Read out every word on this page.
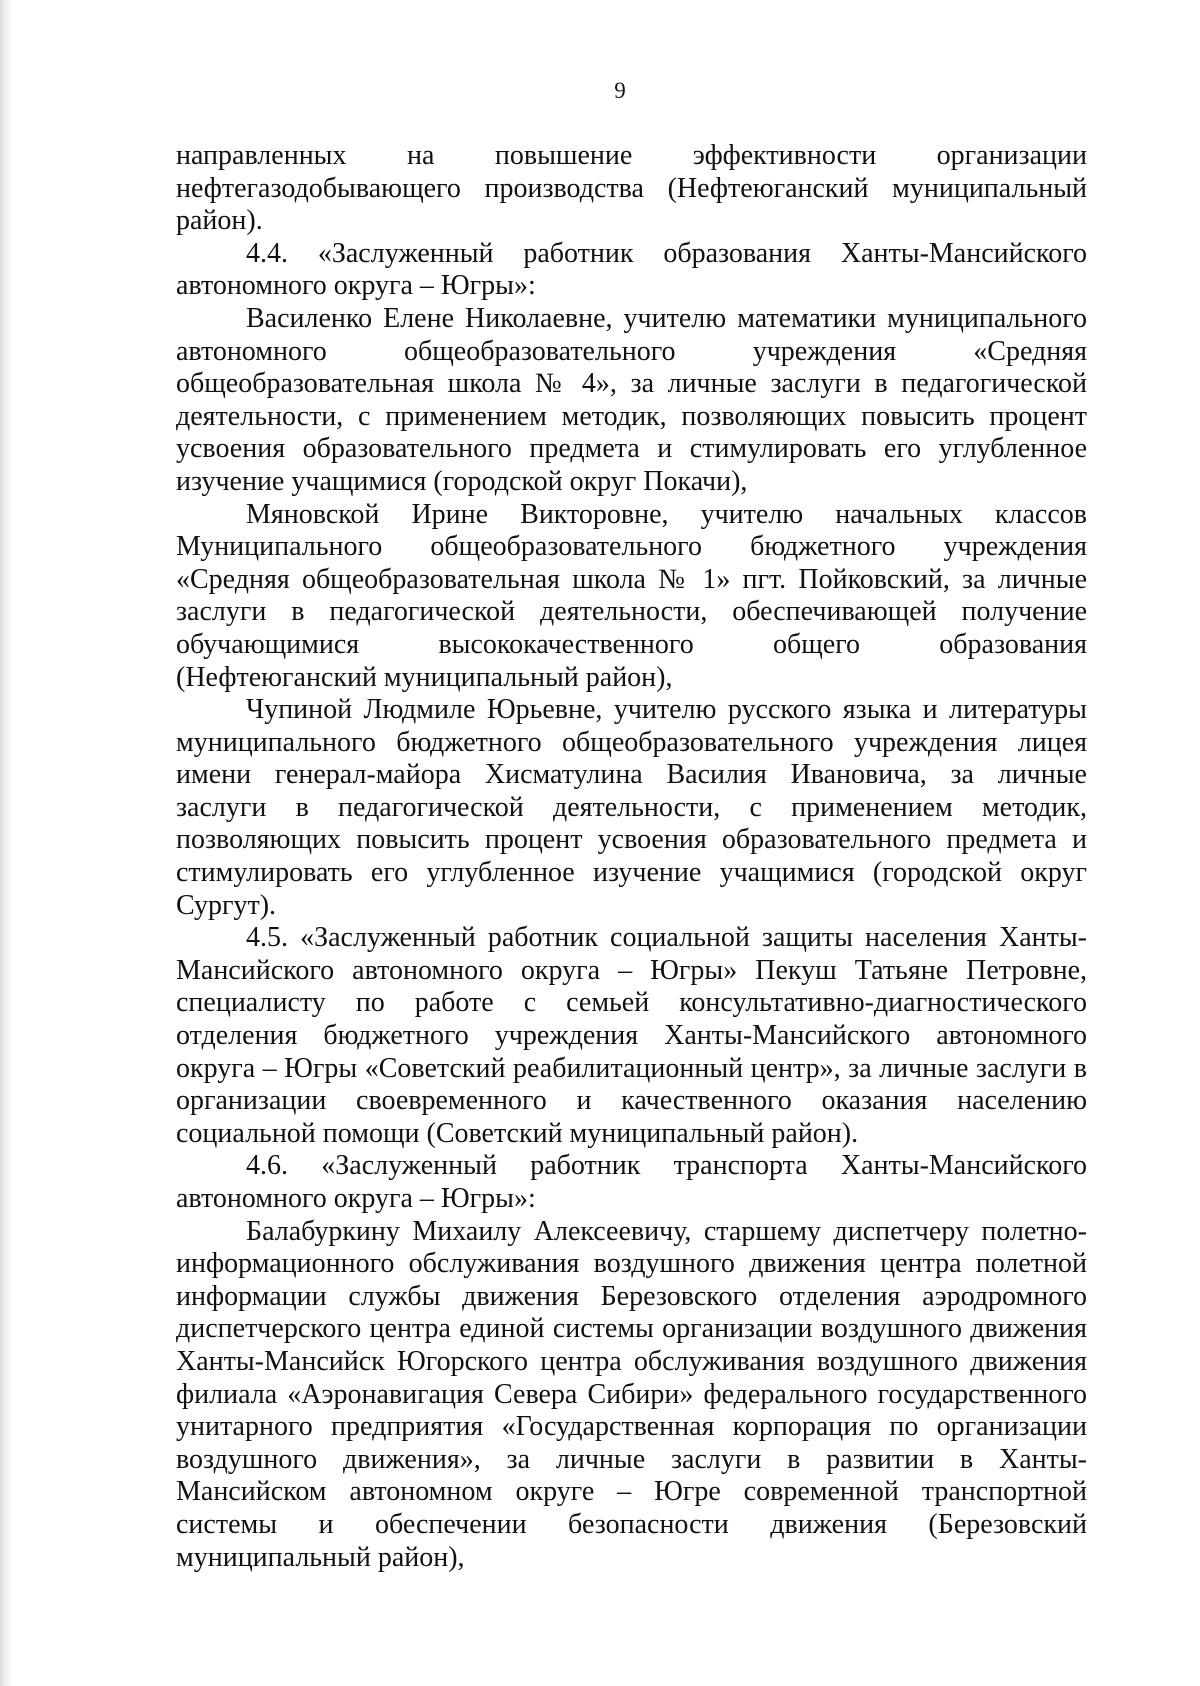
9
направленных на повышение эффективности организации
нефтегазодобывающего производства (Нефтеюганский муниципальный
район).
4.4. «Заслуженный работник образования Ханты-Мансийского
автономного округа – Югры»:
Василенко Елене Николаевне, учителю математики муниципального
автономного общеобразовательного учреждения «Средняя
общеобразовательная школа № 4», за личные заслуги в педагогической
деятельности, с применением методик, позволяющих повысить процент
усвоения образовательного предмета и стимулировать его углубленное
изучение учащимися (городской округ Покачи),
Мяновской Ирине Викторовне, учителю начальных классов
Муниципального общеобразовательного бюджетного учреждения
«Средняя общеобразовательная школа № 1» пгт. Пойковский, за личные
заслуги в педагогической деятельности, обеспечивающей получение
обучающимися высококачественного общего образования
(Нефтеюганский муниципальный район),
Чупиной Людмиле Юрьевне, учителю русского языка и литературы
муниципального бюджетного общеобразовательного учреждения лицея
имени генерал-майора Хисматулина Василия Ивановича, за личные
заслуги в педагогической деятельности, с применением методик,
позволяющих повысить процент усвоения образовательного предмета и
стимулировать его углубленное изучение учащимися (городской округ
Сургут).
4.5. «Заслуженный работник социальной защиты населения Ханты-
Мансийского автономного округа – Югры» Пекуш Татьяне Петровне,
специалисту по работе с семьей консультативно-диагностического
отделения бюджетного учреждения Ханты-Мансийского автономного
округа – Югры «Советский реабилитационный центр», за личные заслуги в
организации своевременного и качественного оказания населению
социальной помощи (Советский муниципальный район).
4.6. «Заслуженный работник транспорта Ханты-Мансийского
автономного округа – Югры»:
Балабуркину Михаилу Алексеевичу, старшему диспетчеру полетно-
информационного обслуживания воздушного движения центра полетной
информации службы движения Березовского отделения аэродромного
диспетчерского центра единой системы организации воздушного движения
Ханты-Мансийск Югорского центра обслуживания воздушного движения
филиала «Аэронавигация Севера Сибири» федерального государственного
унитарного предприятия «Государственная корпорация по организации
воздушного движения», за личные заслуги в развитии в Ханты-
Мансийском автономном округе – Югре современной транспортной
системы и обеспечении безопасности движения (Березовский
муниципальный район),
